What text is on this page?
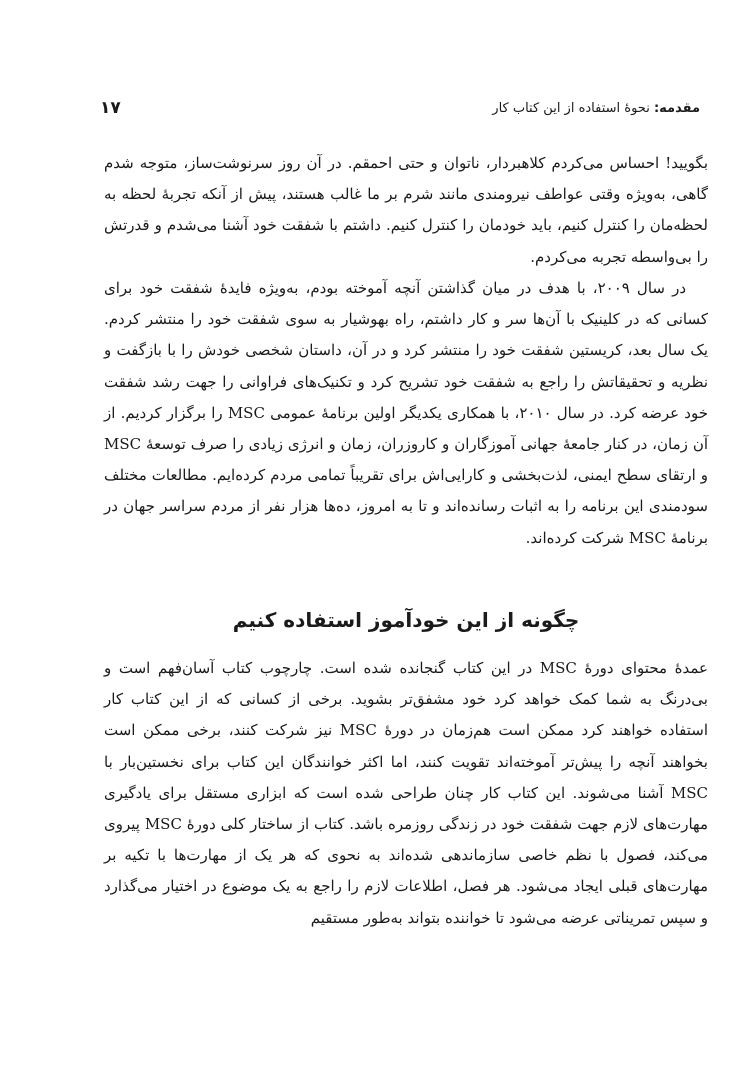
۱۷	مقدمه: نحوهٔ استفاده از این کتاب کار

بگویید! احساس می‌کردم کلاهبردار، ناتوان و حتی احمقم. در آن روز سرنوشت‌ساز، متوجه شدم گاهی، به‌ویژه وقتی عواطف نیرومندی مانند شرم بر ما غالب هستند، پیش از آنکه تجربهٔ لحظه به لحظه‌مان را کنترل کنیم، باید خودمان را کنترل کنیم. داشتم با شفقت خود آشنا می‌شدم و قدرتش را بی‌واسطه تجربه می‌کردم.

در سال ۲۰۰۹، با هدف در میان گذاشتن آنچه آموخته بودم، به‌ویژه فایدهٔ شفقت خود برای کسانی که در کلینیک با آن‌ها سر و کار داشتم، راه بهوشیار به سوی شفقت خود را منتشر کردم. یک سال بعد، کریستین شفقت خود را منتشر کرد و در آن، داستان شخصی خودش را با بازگفت و نظریه و تحقیقاتش را راجع به شفقت خود تشریح کرد و تکنیک‌های فراوانی را جهت رشد شفقت خود عرضه کرد. در سال ۲۰۱۰، با همکاری یکدیگر اولین برنامهٔ عمومی MSC را برگزار کردیم. از آن زمان، در کنار جامعهٔ جهانی آموزگاران و کاروزران، زمان و انرژی زیادی را صرف توسعهٔ MSC و ارتقای سطح ایمنی، لذت‌بخشی و کارایی‌اش برای تقریباً تمامی مردم کرده‌ایم. مطالعات مختلف سودمندی این برنامه را به اثبات رسانده‌اند و تا به امروز، ده‌ها هزار نفر از مردم سراسر جهان در برنامهٔ MSC شرکت کرده‌اند.

چگونه از این خودآموز استفاده کنیم

عمدهٔ محتوای دورهٔ MSC در این کتاب گنجانده شده است. چارچوب کتاب آسان‌فهم است و بی‌درنگ به شما کمک خواهد کرد خود مشفق‌تر بشوید. برخی از کسانی که از این کتاب کار استفاده خواهند کرد ممکن است هم‌زمان در دورهٔ MSC نیز شرکت کنند، برخی ممکن است بخواهند آنچه را پیش‌تر آموخته‌اند تقویت کنند، اما اکثر خوانندگان این کتاب برای نخستین‌بار با MSC آشنا می‌شوند. این کتاب کار چنان طراحی شده است که ابزاری مستقل برای یادگیری مهارت‌های لازم جهت شفقت خود در زندگی روزمره باشد. کتاب از ساختار کلی دورهٔ MSC پیروی می‌کند، فصول با نظم خاصی سازماندهی شده‌اند به نحوی که هر یک از مهارت‌ها با تکیه بر مهارت‌های قبلی ایجاد می‌شود. هر فصل، اطلاعات لازم را راجع به یک موضوع در اختیار می‌گذارد و سپس تمریناتی عرضه می‌شود تا خواننده بتواند به‌طور مستقیم
